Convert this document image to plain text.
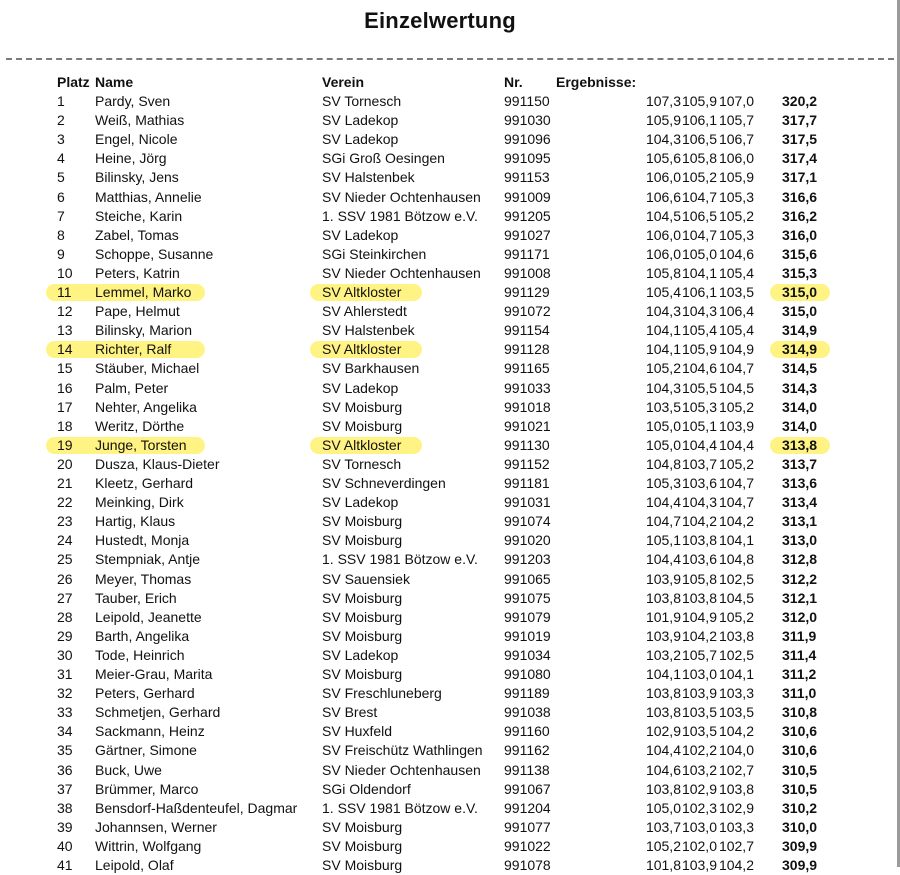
Einzelwertung
Platz Name	Verein	Nr. Ergebnisse:
1 Pardy, Sven	SV Tornesch	991150	107,3 105,9 107,0 320,2
2 Weiß, Mathias	SV Ladekop	991030	105,9 106,1 105,7 317,7
3 Engel, Nicole	SV Ladekop	991096	104,3 106,5 106,7 317,5
4 Heine, Jörg	SGi Groß Oesingen	991095	105,6 105,8 106,0 317,4
5 Bilinsky, Jens	SV Halstenbek	991153	106,0 105,2 105,9 317,1
6 Matthias, Annelie	SV Nieder Ochtenhausen 991009	106,6 104,7 105,3 316,6
7 Steiche, Karin	1. SSV 1981 Bötzow e.V. 991205	104,5 106,5 105,2 316,2
8 Zabel, Tomas	SV Ladekop	991027	106,0 104,7 105,3 316,0
9 Schoppe, Susanne	SGi Steinkirchen	991171	106,0 105,0 104,6 315,6
10 Peters, Katrin	SV Nieder Ochtenhausen 991008	105,8 104,1 105,4 315,3
11 Lemmel, Marko	SV Altkloster	991129	105,4 106,1 103,5 315,0
12 Pape, Helmut	SV Ahlerstedt	991072	104,3 104,3 106,4 315,0
13 Bilinsky, Marion	SV Halstenbek	991154	104,1 105,4 105,4 314,9
14 Richter, Ralf	SV Altkloster	991128	104,1 105,9 104,9 314,9
15 Stäuber, Michael	SV Barkhausen	991165	105,2 104,6 104,7 314,5
16 Palm, Peter	SV Ladekop	991033	104,3 105,5 104,5 314,3
17 Nehter, Angelika	SV Moisburg	991018	103,5 105,3 105,2 314,0
18 Weritz, Dörthe	SV Moisburg	991021	105,0 105,1 103,9 314,0
19 Junge, Torsten	SV Altkloster	991130	105,0 104,4 104,4 313,8
20 Dusza, Klaus-Dieter	SV Tornesch	991152	104,8 103,7 105,2 313,7
21 Kleetz, Gerhard	SV Schneverdingen	991181	105,3 103,6 104,7 313,6
22 Meinking, Dirk	SV Ladekop	991031	104,4 104,3 104,7 313,4
23 Hartig, Klaus	SV Moisburg	991074	104,7 104,2 104,2 313,1
24 Hustedt, Monja	SV Moisburg	991020	105,1 103,8 104,1 313,0
25 Stempniak, Antje	1. SSV 1981 Bötzow e.V. 991203	104,4 103,6 104,8 312,8
26 Meyer, Thomas	SV Sauensiek	991065	103,9 105,8 102,5 312,2
27 Tauber, Erich	SV Moisburg	991075	103,8 103,8 104,5 312,1
28 Leipold, Jeanette	SV Moisburg	991079	101,9 104,9 105,2 312,0
29 Barth, Angelika	SV Moisburg	991019	103,9 104,2 103,8 311,9
30 Tode, Heinrich	SV Ladekop	991034	103,2 105,7 102,5 311,4
31 Meier-Grau, Marita	SV Moisburg	991080	104,1 103,0 104,1 311,2
32 Peters, Gerhard	SV Freschluneberg	991189	103,8 103,9 103,3 311,0
33 Schmetjen, Gerhard	SV Brest	991038	103,8 103,5 103,5 310,8
34 Sackmann, Heinz	SV Huxfeld	991160	102,9 103,5 104,2 310,6
35 Gärtner, Simone	SV Freischütz Wathlingen 991162	104,4 102,2 104,0 310,6
36 Buck, Uwe	SV Nieder Ochtenhausen 991138	104,6 103,2 102,7 310,5
37 Brümmer, Marco	SGi Oldendorf	991067	103,8 102,9 103,8 310,5
38 Bensdorf-Haßdenteufel, Dagmar 1. SSV 1981 Bötzow e.V. 991204	105,0 102,3 102,9 310,2
39 Johannsen, Werner	SV Moisburg	991077	103,7 103,0 103,3 310,0
40 Wittrin, Wolfgang	SV Moisburg	991022	105,2 102,0 102,7 309,9
41 Leipold, Olaf	SV Moisburg	991078	101,8 103,9 104,2 309,9
